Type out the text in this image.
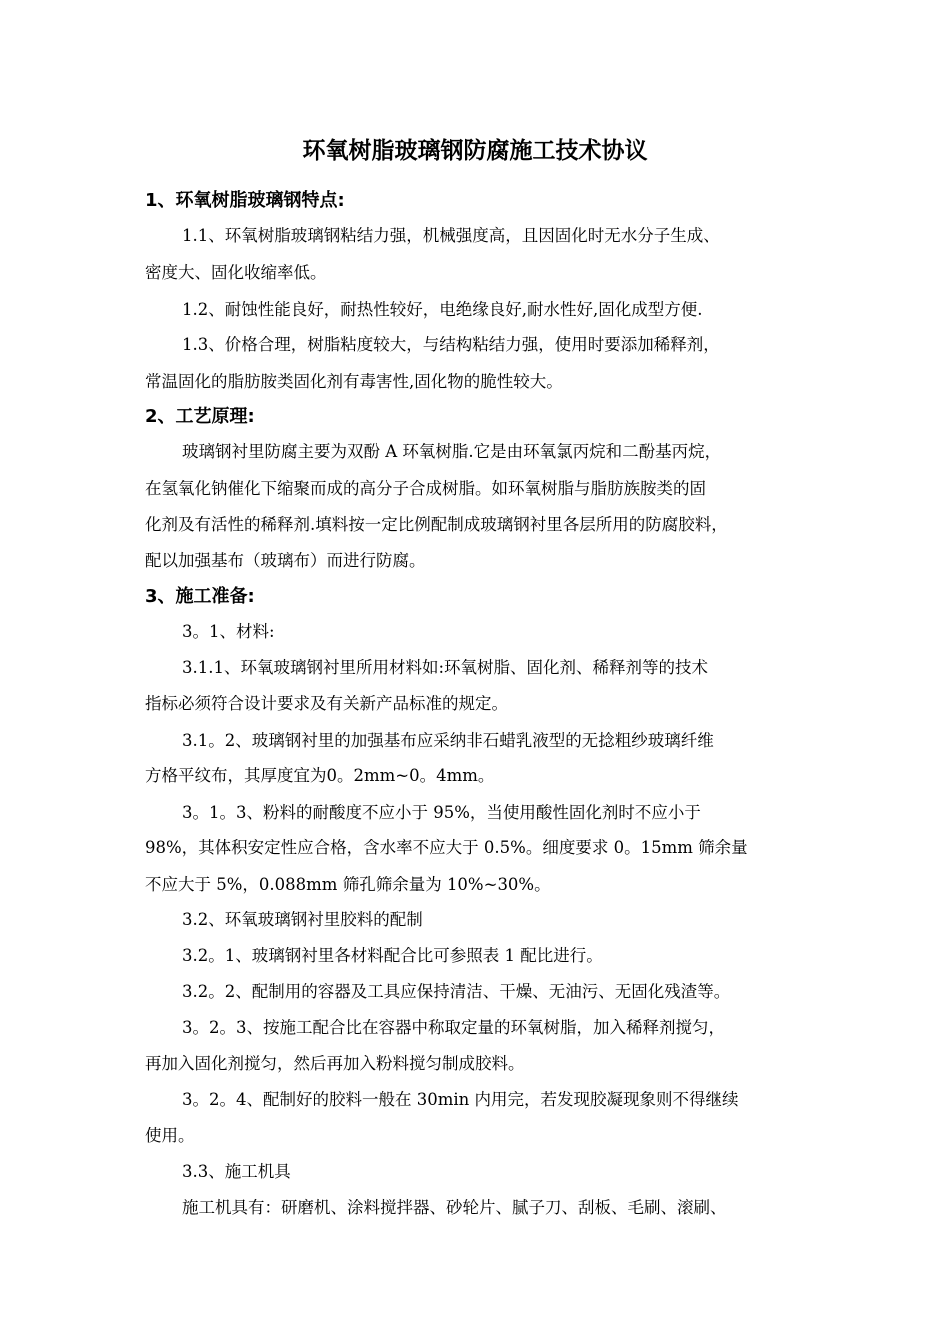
环氧树脂玻璃钢防腐施工技术协议

1、环氧树脂玻璃钢特点:

1.1、环氧树脂玻璃钢粘结力强，机械强度高，且因固化时无水分子生成、

密度大、固化收缩率低。

1.2、耐蚀性能良好，耐热性较好，电绝缘良好,耐水性好,固化成型方便.

1.3、价格合理，树脂粘度较大，与结构粘结力强，使用时要添加稀释剂，

常温固化的脂肪胺类固化剂有毒害性,固化物的脆性较大。

2、工艺原理:

玻璃钢衬里防腐主要为双酚 A 环氧树脂.它是由环氧氯丙烷和二酚基丙烷，

在氢氧化钠催化下缩聚而成的高分子合成树脂。如环氧树脂与脂肪族胺类的固

化剂及有活性的稀释剂.填料按一定比例配制成玻璃钢衬里各层所用的防腐胶料，

配以加强基布（玻璃布）而进行防腐。

3、施工准备:

3。1、材料:

3.1.1、环氧玻璃钢衬里所用材料如:环氧树脂、固化剂、稀释剂等的技术

指标必须符合设计要求及有关新产品标准的规定。

3.1。2、玻璃钢衬里的加强基布应采纳非石蜡乳液型的无捻粗纱玻璃纤维

方格平纹布，其厚度宜为0。2mm~0。4mm。

3。1。3、粉料的耐酸度不应小于 95%，当使用酸性固化剂时不应小于

98%，其体积安定性应合格，含水率不应大于 0.5%。细度要求 0。15mm 筛余量

不应大于 5%，0.088mm 筛孔筛余量为 10%~30%。

3.2、环氧玻璃钢衬里胶料的配制

3.2。1、玻璃钢衬里各材料配合比可参照表 1 配比进行。

3.2。2、配制用的容器及工具应保持清洁、干燥、无油污、无固化残渣等。

3。2。3、按施工配合比在容器中称取定量的环氧树脂，加入稀释剂搅匀，

再加入固化剂搅匀，然后再加入粉料搅匀制成胶料。

3。2。4、配制好的胶料一般在 30min 内用完，若发现胶凝现象则不得继续

使用。

3.3、施工机具

施工机具有：研磨机、涂料搅拌器、砂轮片、腻子刀、刮板、毛刷、滚刷、
